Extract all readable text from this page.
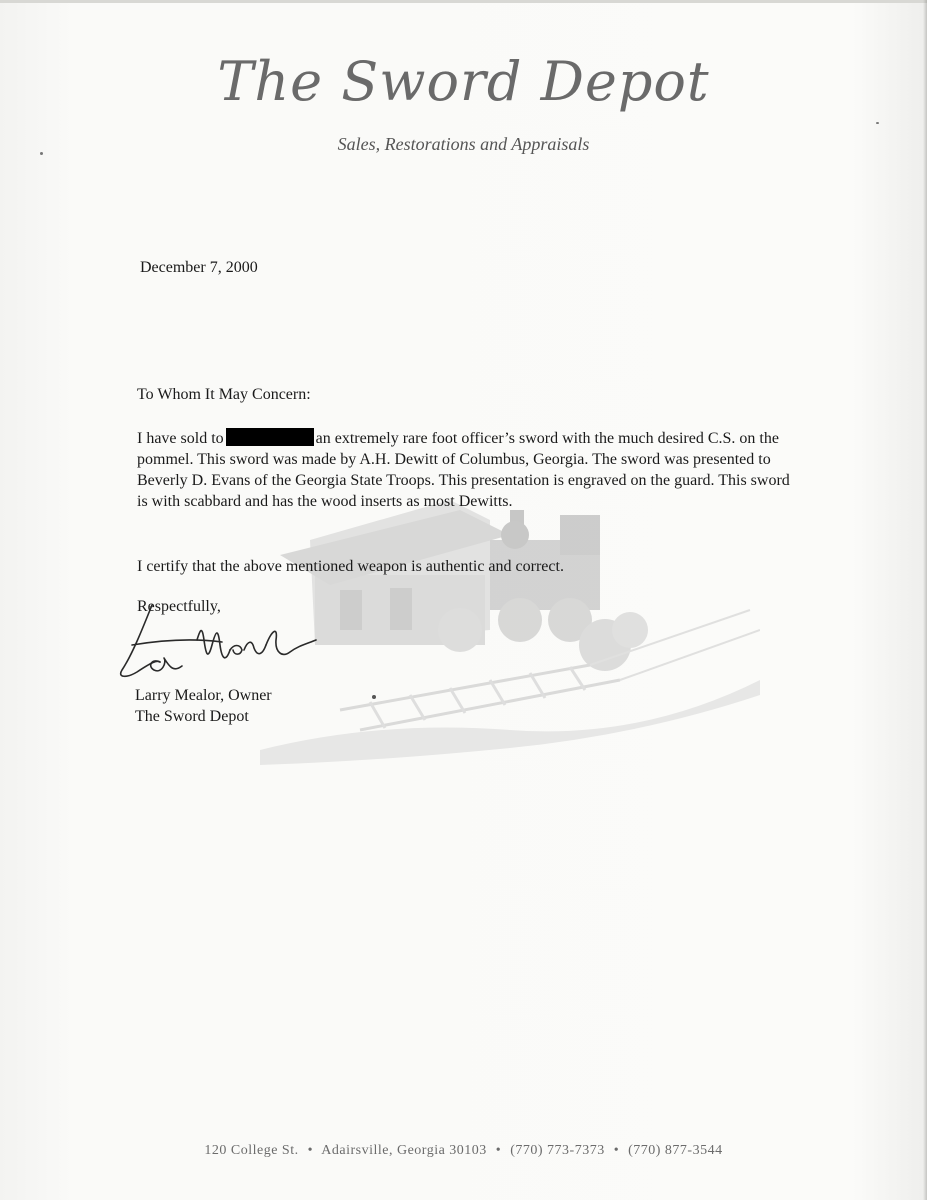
The Sword Depot
Sales, Restorations and Appraisals
December 7, 2000
To Whom It May Concern:
I have sold to	an extremely rare foot officer’s sword with the much desired C.S. on the pommel. This sword was made by A.H. Dewitt of Columbus, Georgia. The sword was presented to Beverly D. Evans of the Georgia State Troops. This presentation is engraved on the guard. This sword is with scabbard and has the wood inserts as most Dewitts.
I certify that the above mentioned weapon is authentic and correct.
Respectfully,
Larry Mealor, Owner
The Sword Depot
120 College St. • Adairsville, Georgia 30103 • (770) 773-7373 • (770) 877-3544
